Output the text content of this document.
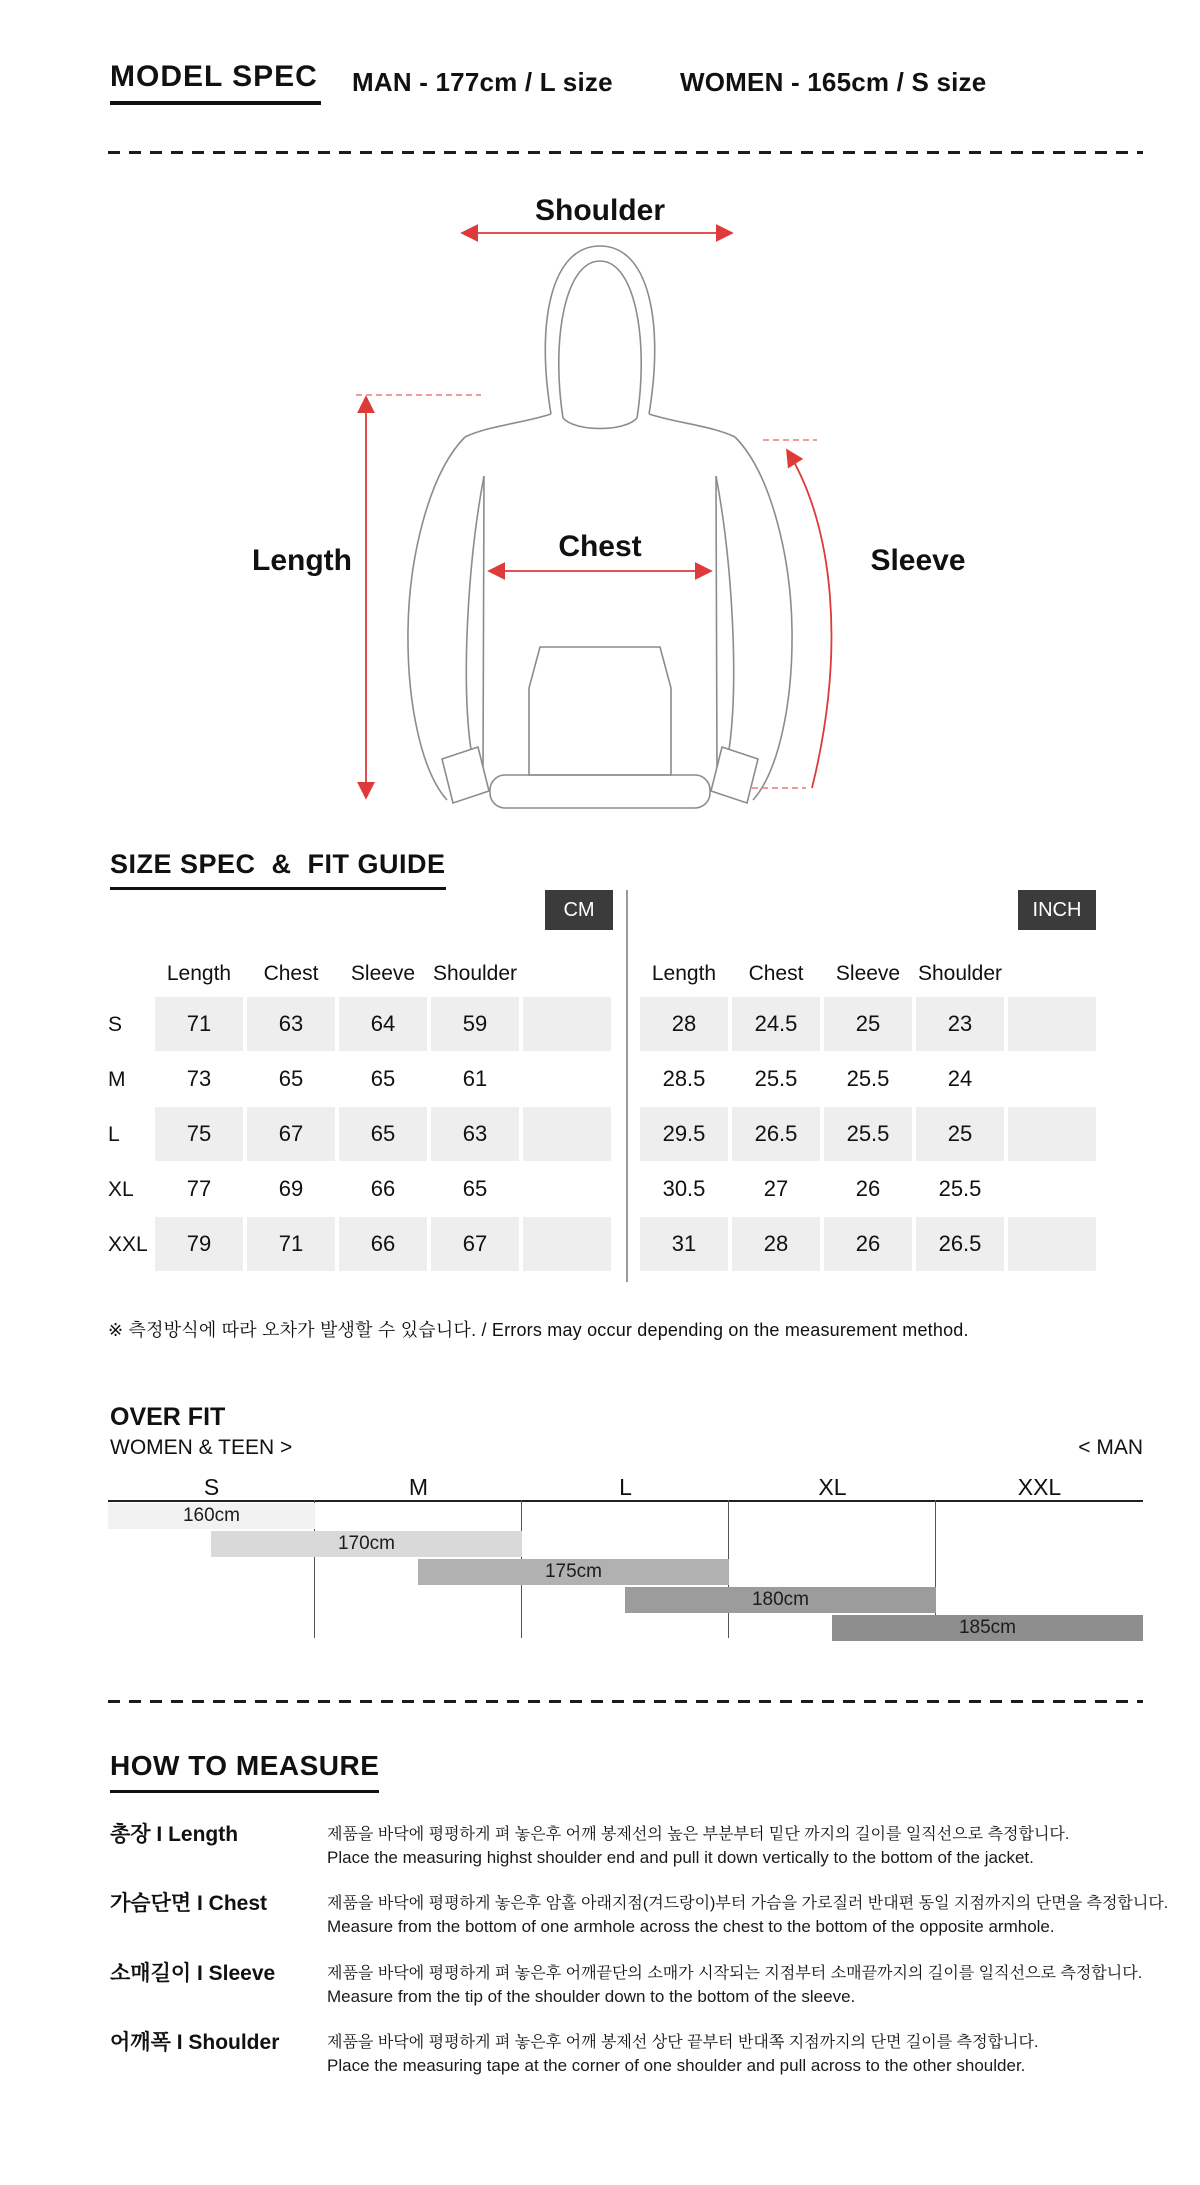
MODEL SPEC MAN - 177cm / L size	WOMEN - 165cm / S size
Shoulder
Length	Chest	Sleeve
SIZE SPEC  &  FIT GUIDE
CM	INCH
Length	Chest	Sleeve Shoulder
S	71	63	64	59
M	73	65	65	61
L	75	67	65	63
XL	77	69	66	65
XXL	79	71	66	67
Length	Chest	Sleeve Shoulder
28	24.5	25	23
28.5	25.5	25.5	24
29.5	26.5	25.5	25
30.5	27	26	25.5
31	28	26	26.5
※ 측정방식에 따라 오차가 발생할 수 있습니다. / Errors may occur depending on the measurement method.
OVER FIT
WOMEN & TEEN >	< MAN
S	M	L	XL	XXL
160cm
170cm
175cm
180cm
185cm
HOW TO MEASURE
총장 I Length	제품을 바닥에 평평하게 펴 놓은후 어깨 봉제선의 높은 부분부터 밑단 까지의 길이를 일직선으로 측정합니다.
Place the measuring highst shoulder end and pull it down vertically to the bottom of the jacket.
가슴단면 I Chest	제품을 바닥에 평평하게 놓은후 암홀 아래지점(겨드랑이)부터 가슴을 가로질러 반대편 동일 지점까지의 단면을 측정합니다.
Measure from the bottom of one armhole across the chest to the bottom of the opposite armhole.
소매길이 I Sleeve	제품을 바닥에 평평하게 펴 놓은후 어깨끝단의 소매가 시작되는 지점부터 소매끝까지의 길이를 일직선으로 측정합니다.
Measure from the tip of the shoulder down to the bottom of the sleeve.
어깨폭 I Shoulder	제품을 바닥에 평평하게 펴 놓은후 어깨 봉제선 상단 끝부터 반대쪽 지점까지의 단면 길이를 측정합니다.
Place the measuring tape at the corner of one shoulder and pull across to the other shoulder.
